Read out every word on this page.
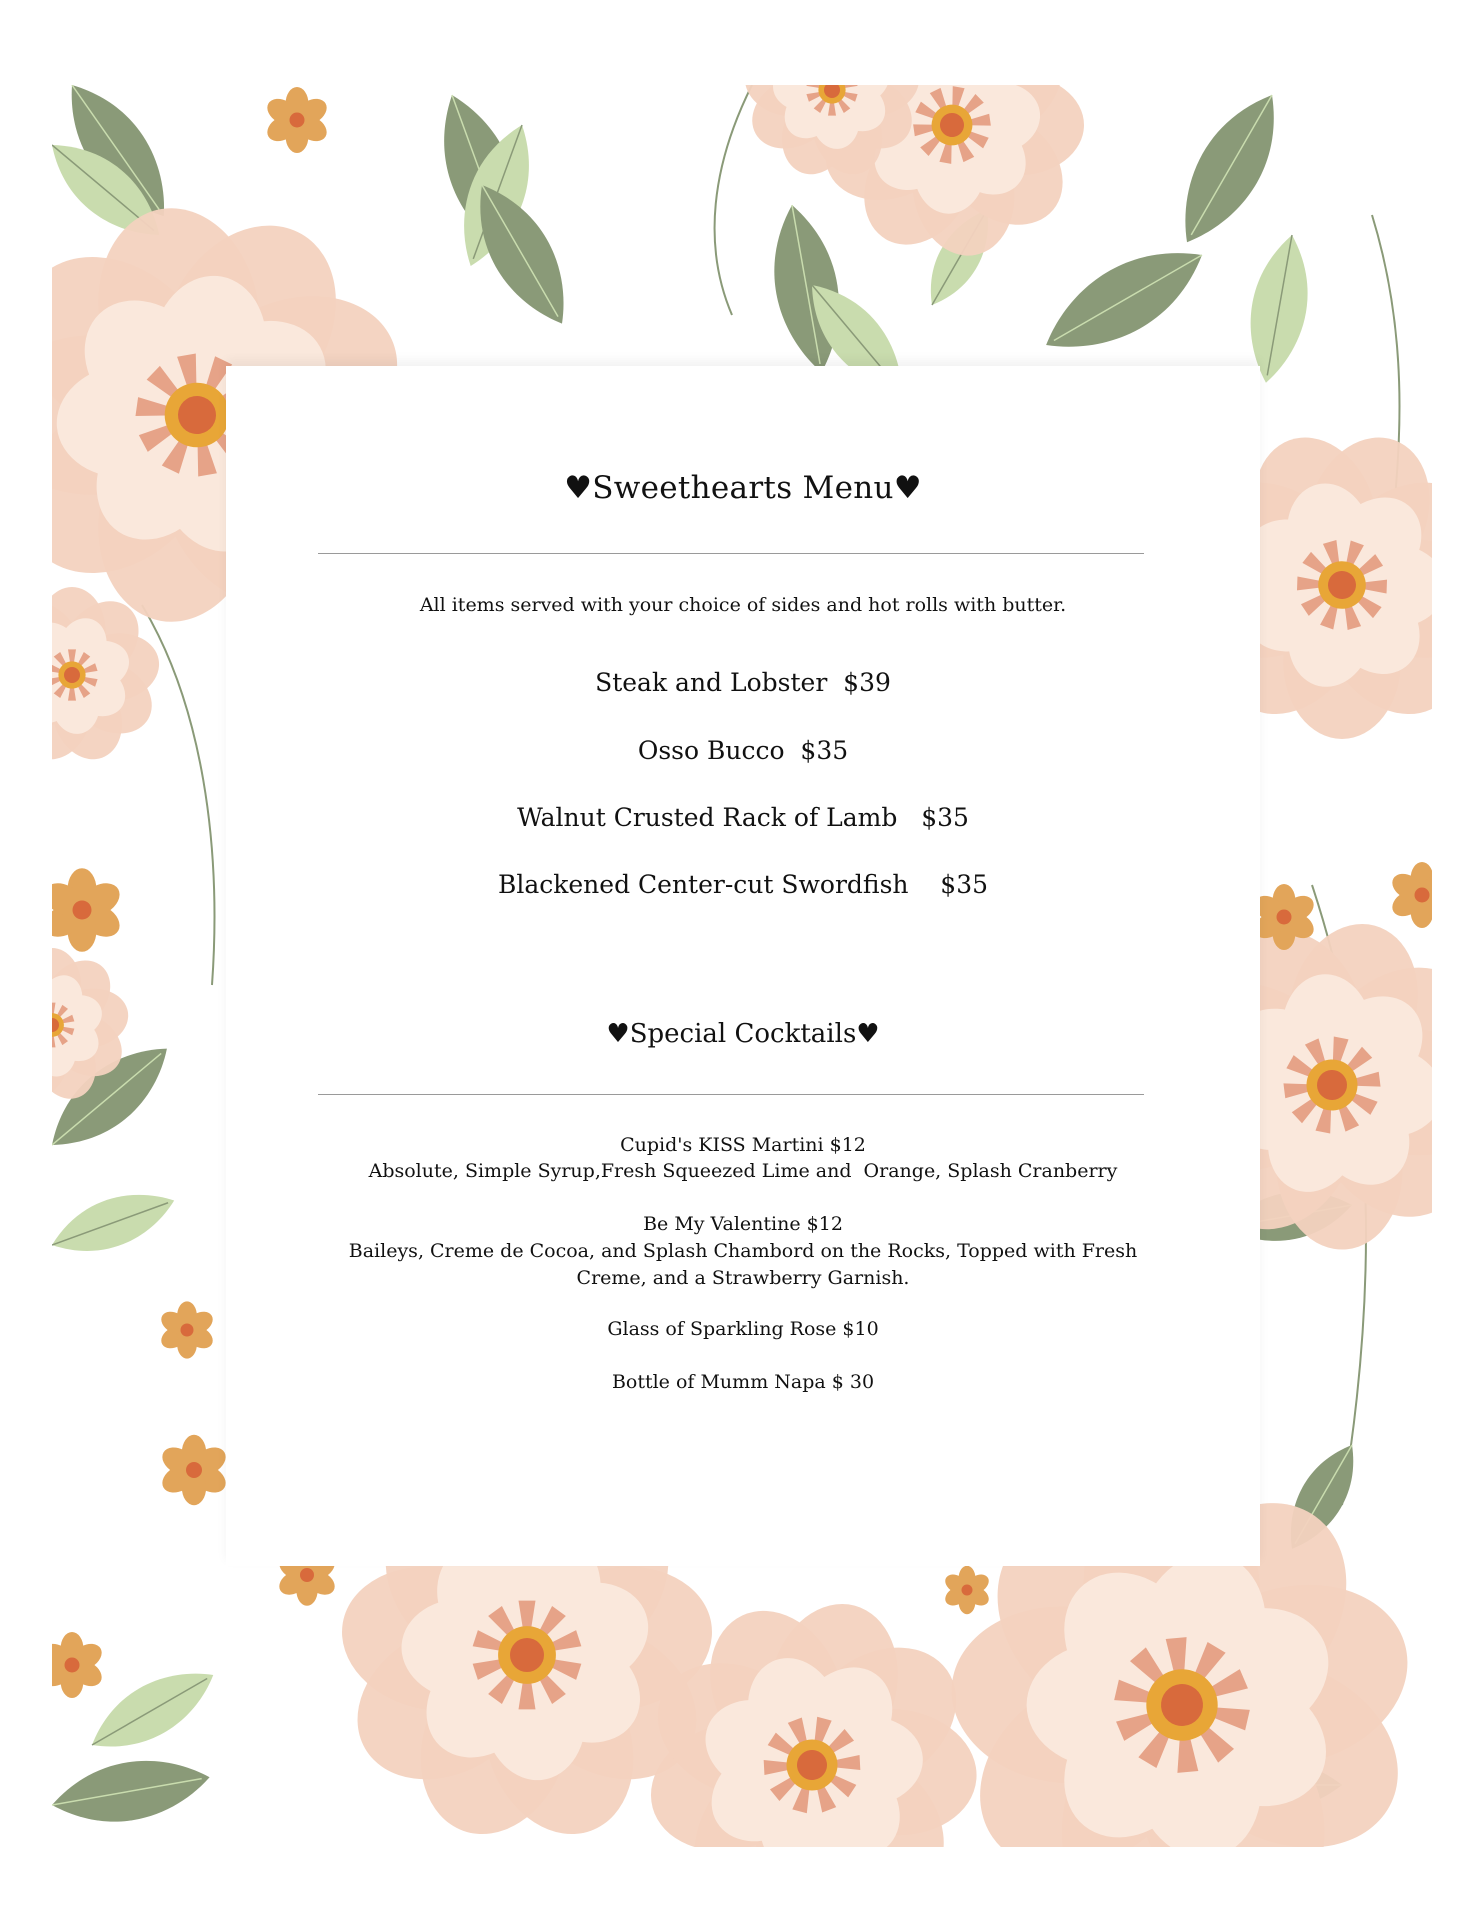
♥Sweethearts Menu♥
All items served with your choice of sides and hot rolls with butter.
Steak and Lobster  $39
Osso Bucco  $35
Walnut Crusted Rack of Lamb   $35
Blackened Center-cut Swordfish    $35
♥Special Cocktails♥
Cupid's KISS Martini $12
Absolute, Simple Syrup,Fresh Squeezed Lime and  Orange, Splash Cranberry
Be My Valentine $12
Baileys, Creme de Cocoa, and Splash Chambord on the Rocks, Topped with Fresh
Creme, and a Strawberry Garnish.
Glass of Sparkling Rose $10
Bottle of Mumm Napa $ 30
